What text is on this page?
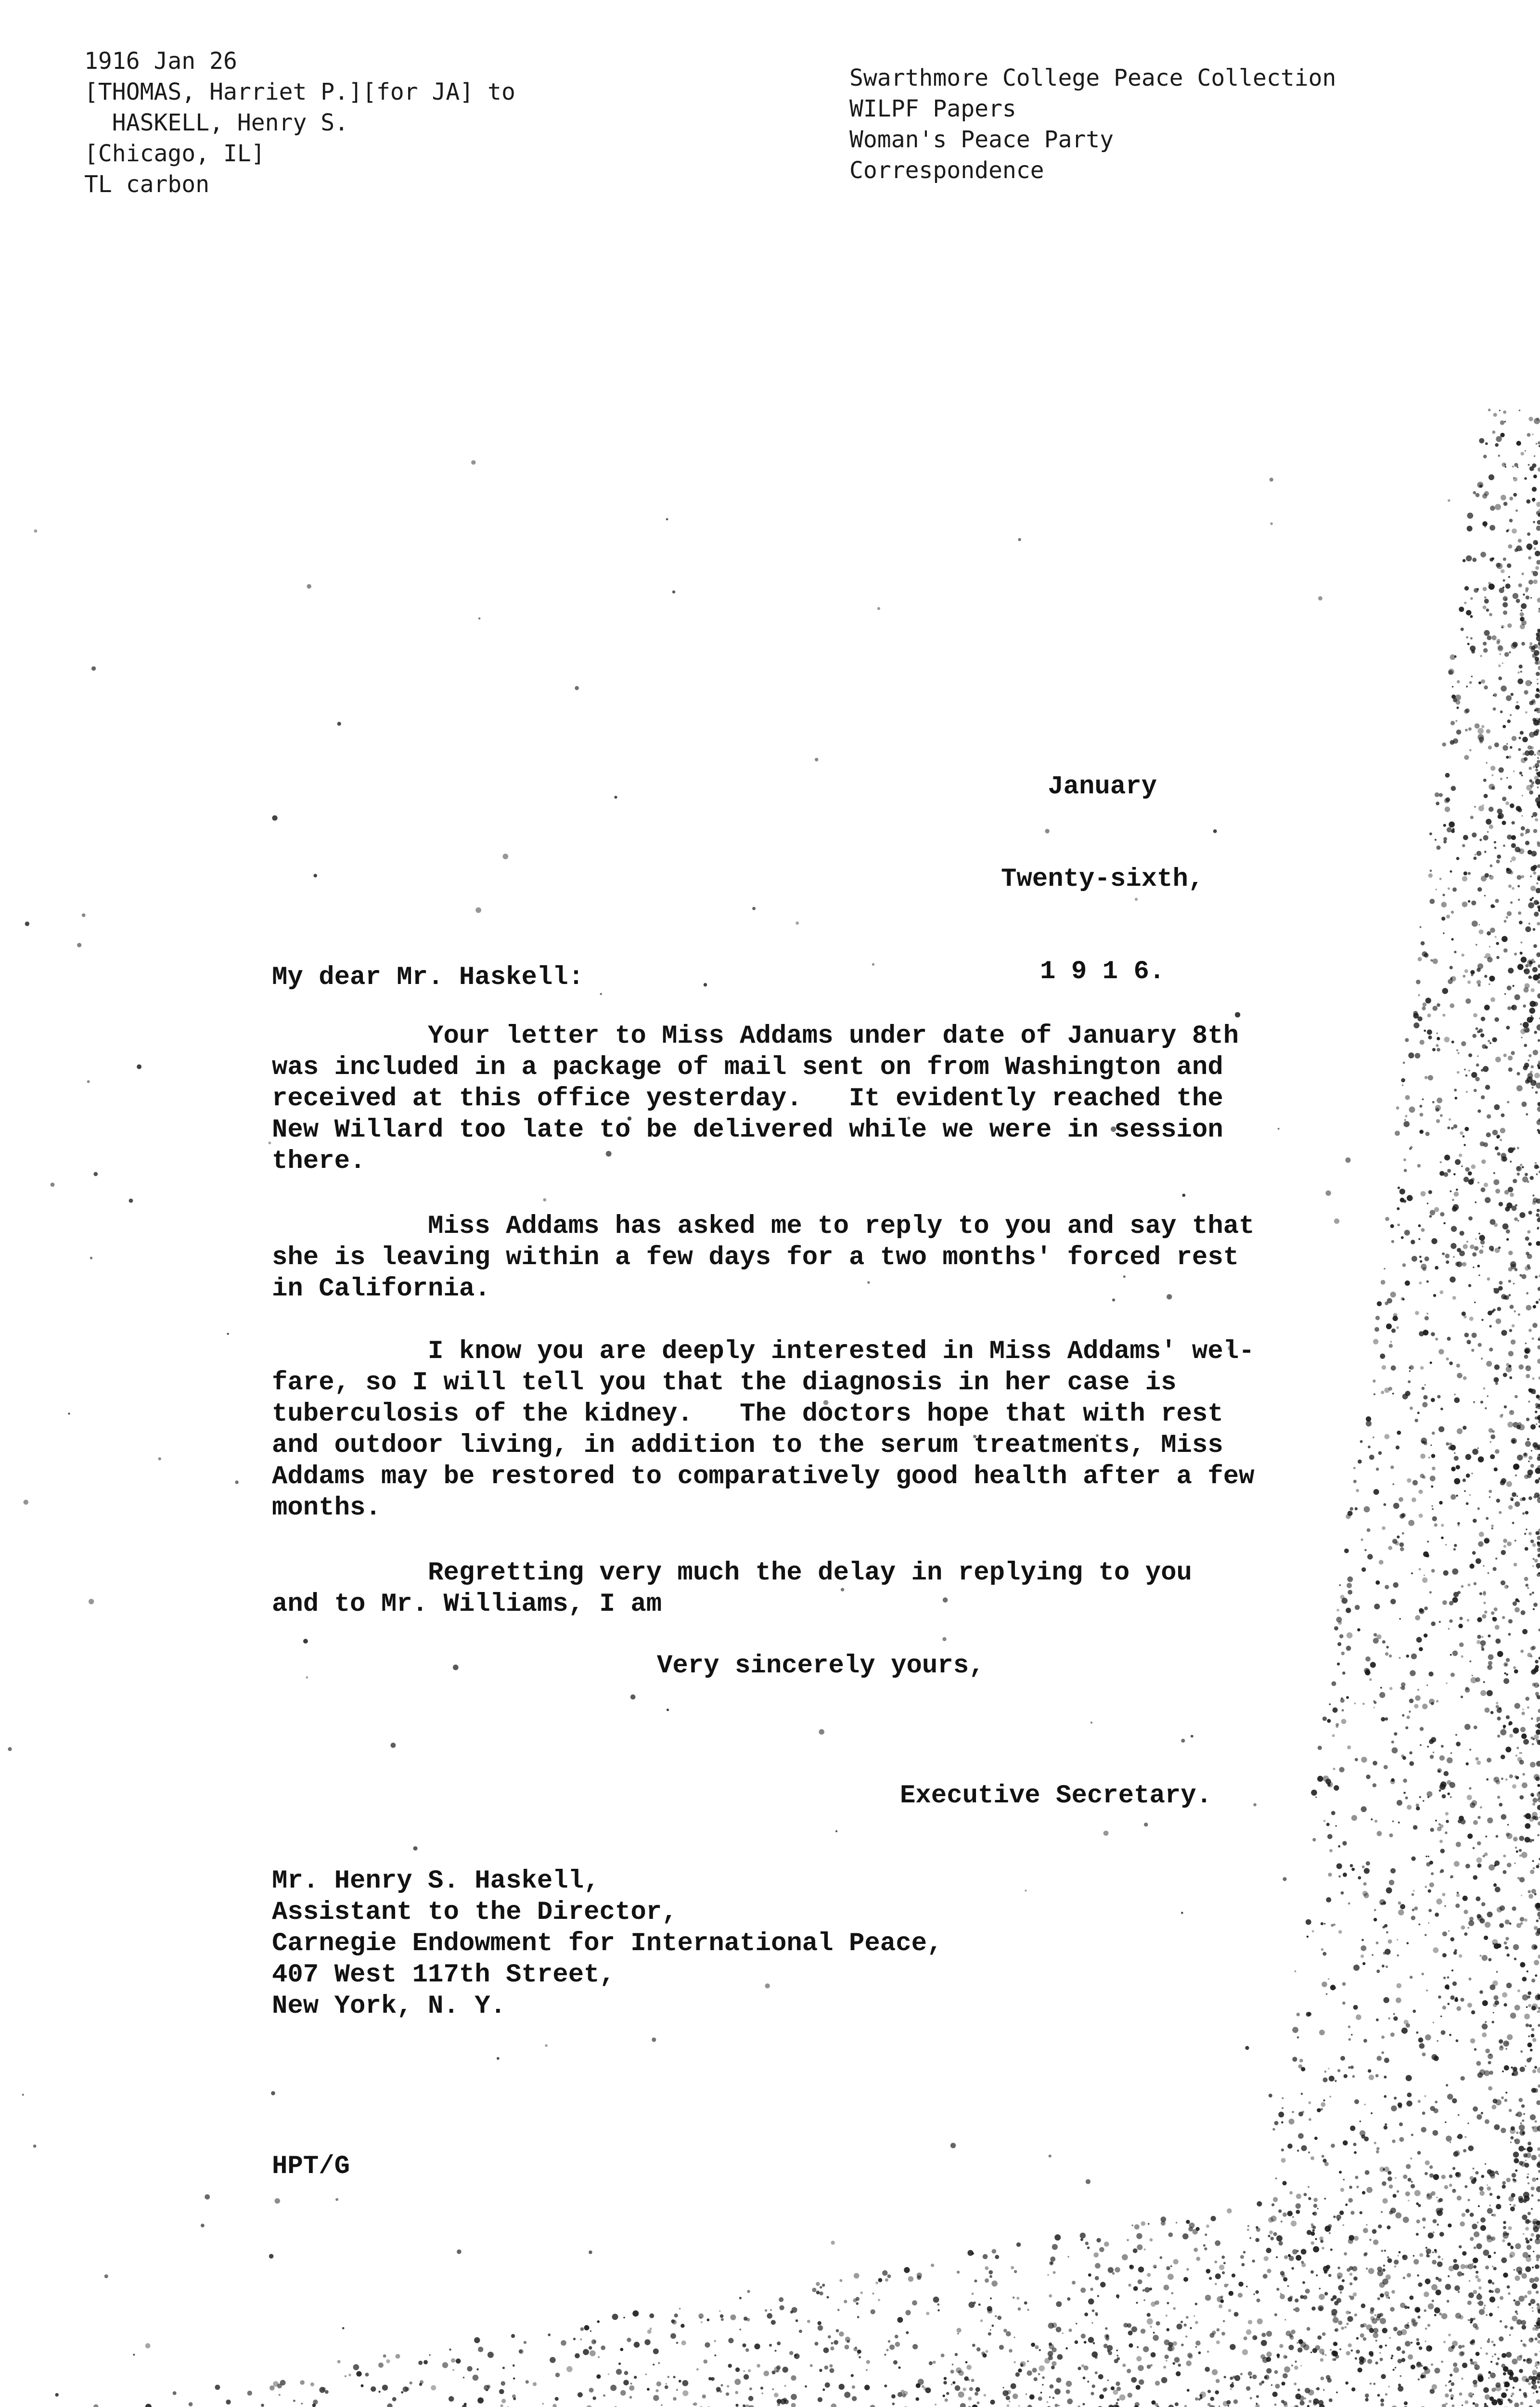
1916 Jan 26
[THOMAS, Harriet P.][for JA] to
HASKELL, Henry S.
[Chicago, IL]
TL carbon
Swarthmore College Peace Collection
WILPF Papers
Woman's Peace Party
Correspondence

January

Twenty-sixth,

1 9 1 6.

My dear Mr. Haskell:
Your letter to Miss Addams under date of January 8th
was included in a package of mail sent on from Washington and
received at this office yesterday.   It evidently reached the
New Willard too late to be delivered while we were in session
there.
Miss Addams has asked me to reply to you and say that
she is leaving within a few days for a two months' forced rest
in California.
I know you are deeply interested in Miss Addams' wel-
fare, so I will tell you that the diagnosis in her case is
tuberculosis of the kidney.   The doctors hope that with rest
and outdoor living, in addition to the serum treatments, Miss
Addams may be restored to comparatively good health after a few
months.
Regretting very much the delay in replying to you
and to Mr. Williams, I am
Very sincerely yours,
Executive Secretary.
Mr. Henry S. Haskell,
Assistant to the Director,
Carnegie Endowment for International Peace,
407 West 117th Street,
New York, N. Y.
HPT/G
